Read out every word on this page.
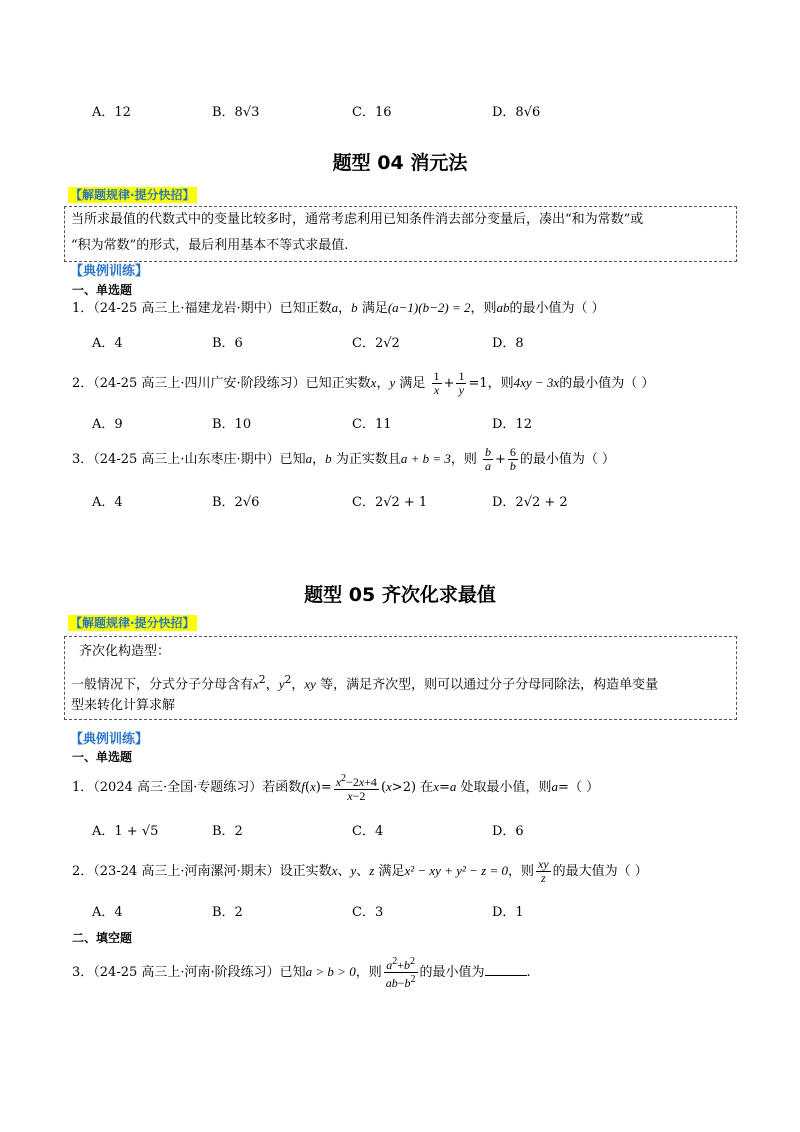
A．12	B．8√3	C．16	D．8√6
题型 04 消元法
【解题规律·提分快招】
当所求最值的代数式中的变量比较多时，通常考虑利用已知条件消去部分变量后，凑出“和为常数”或
“积为常数”的形式，最后利用基本不等式求最值.
【典例训练】
一、单选题
1．（24-25 高三上·福建龙岩·期中）已知正数a，b 满足(a−1)(b−2) = 2，则ab的最小值为（ ）
A．4	B．6	C．2√2	D．8
2．（24-25 高三上·四川广安·阶段练习）已知正实数x，y 满足 $\frac{1}{x} + \frac{1}{y} =1$，则4xy − 3x的最小值为（ ）
A．9	B．10	C．11	D．12
3．（24-25 高三上·山东枣庄·期中）已知a，b 为正实数且a + b = 3，则 $\frac{b}{a} + \frac{6}{b}$ 的最小值为（ ）
A．4	B．2√6	C．2√2 + 1	D．2√2 + 2
题型 05 齐次化求最值
【解题规律·提分快招】
齐次化构造型：
一般情况下，分式分子分母含有$x^2$，$y^2$，xy 等，满足齐次型，则可以通过分子分母同除法，构造单变量
型来转化计算求解
【典例训练】
一、单选题
1．（2024 高三·全国·专题练习）若函数$f(x)= \frac{x^2-2x+4}{x-2} (x>2)$ 在x=a 处取最小值，则a=（ ）
A．1 + √5	B．2	C．4	D．6
2．（23-24 高三上·河南漯河·期末）设正实数x、y、z 满足x² − xy + y² − z = 0，则 $\frac{xy}{z}$ 的最大值为（ ）
A．4	B．2	C．3	D．1
二、填空题
3．（24-25 高三上·河南·阶段练习）已知a > b > 0，则 $\frac{a^2+b^2}{ab-b^2}$ 的最小值为	.
